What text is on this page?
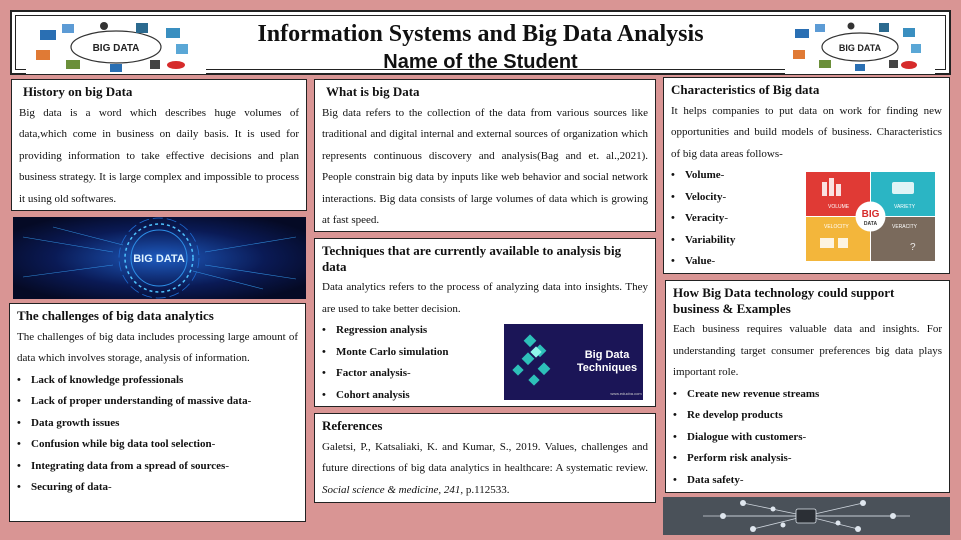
BIG DATA
Information Systems and Big Data Analysis
Name of the Student
BIG DATA
History on big Data

Big data is a word which describes huge volumes of data,which come in business on daily basis. It is used for providing information to take effective decisions and plan business strategy. It is large complex and impossible to process it using old softwares.

BIG DATA
The challenges of big data analytics

The challenges of big data includes processing large amount of data which involves storage, analysis of information.

• Lack of knowledge professionals
• Lack of proper understanding of massive data-
• Data growth issues
• Confusion while big data tool selection-
• Integrating data from a spread of sources-
• Securing of data-
What is big Data

Big data refers to the collection of the data from various sources like traditional and digital internal and external sources of organization which represents continuous discovery and analysis(Bag and et. al.,2021). People constrain big data by inputs like web behavior and social network interactions. Big data consists of large volumes of data which is growing at fast speed.

Techniques that are currently available to analysis big data

Data analytics refers to the process of analyzing data into insights. They are used to take better decision.

• Regression analysis
• Monte Carlo simulation
• Factor analysis-
• Cohort analysis
Big Data
Techniques
www.educba.com
References

Galetsi, P., Katsaliaki, K. and Kumar, S., 2019. Values, challenges and future directions of big data analytics in healthcare: A systematic review. Social science & medicine, 241, p.112533.

Characteristics of Big data

It helps companies to put data on work for finding new opportunities and build models of business. Characteristics of big data areas follows-

• Volume-
• Velocity-
• Veracity-
• Variability
• Value-
?
VOLUME	VARIETY
VELOCITY	VERACITY
BIG
DATA
How Big Data technology could support business & Examples

Each business requires valuable data and insights. For understanding target consumer preferences big data plays important role.

• Create new revenue streams
• Re develop products
• Dialogue with customers-
• Perform risk analysis-
• Data safety-
